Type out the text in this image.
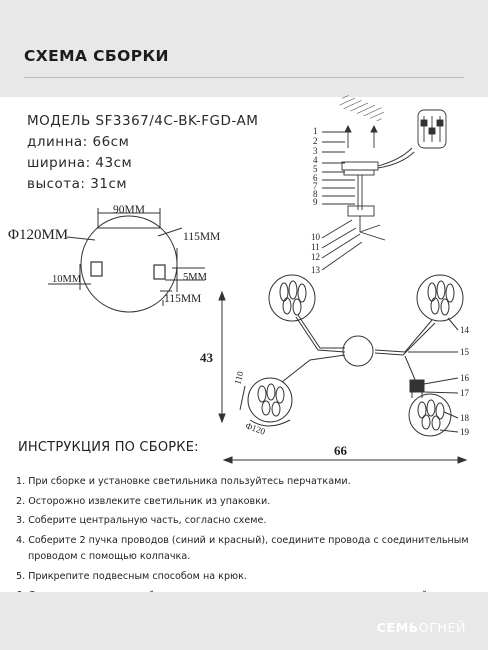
СХЕМА СБОРКИ
МОДЕЛЬ SF3367/4C-BK-FGD-AM
длинна: 66см
ширина: 43см
высота: 31см
90MM
Φ120MM	115MM
10MM	5MM
115MM
1
2
3
4
5
6
7
8
9
10
11
12
13
43
66
110
Φ120
14
15
16
17
18
19
ИНСТРУКЦИЯ ПО СБОРКЕ:
1. При сборке и установке светильника пользуйтесь перчатками.
2. Осторожно извлеките светильник из упаковки.
3. Соберите центральную часть, согласно схеме.
4. Соберите 2 пучка проводов (синий и красный), соедините провода с соединительным
проводом с помощью колпачка.
5. Прикрепите подвесным способом на крюк.
СЕМЬОГНЕЙ
